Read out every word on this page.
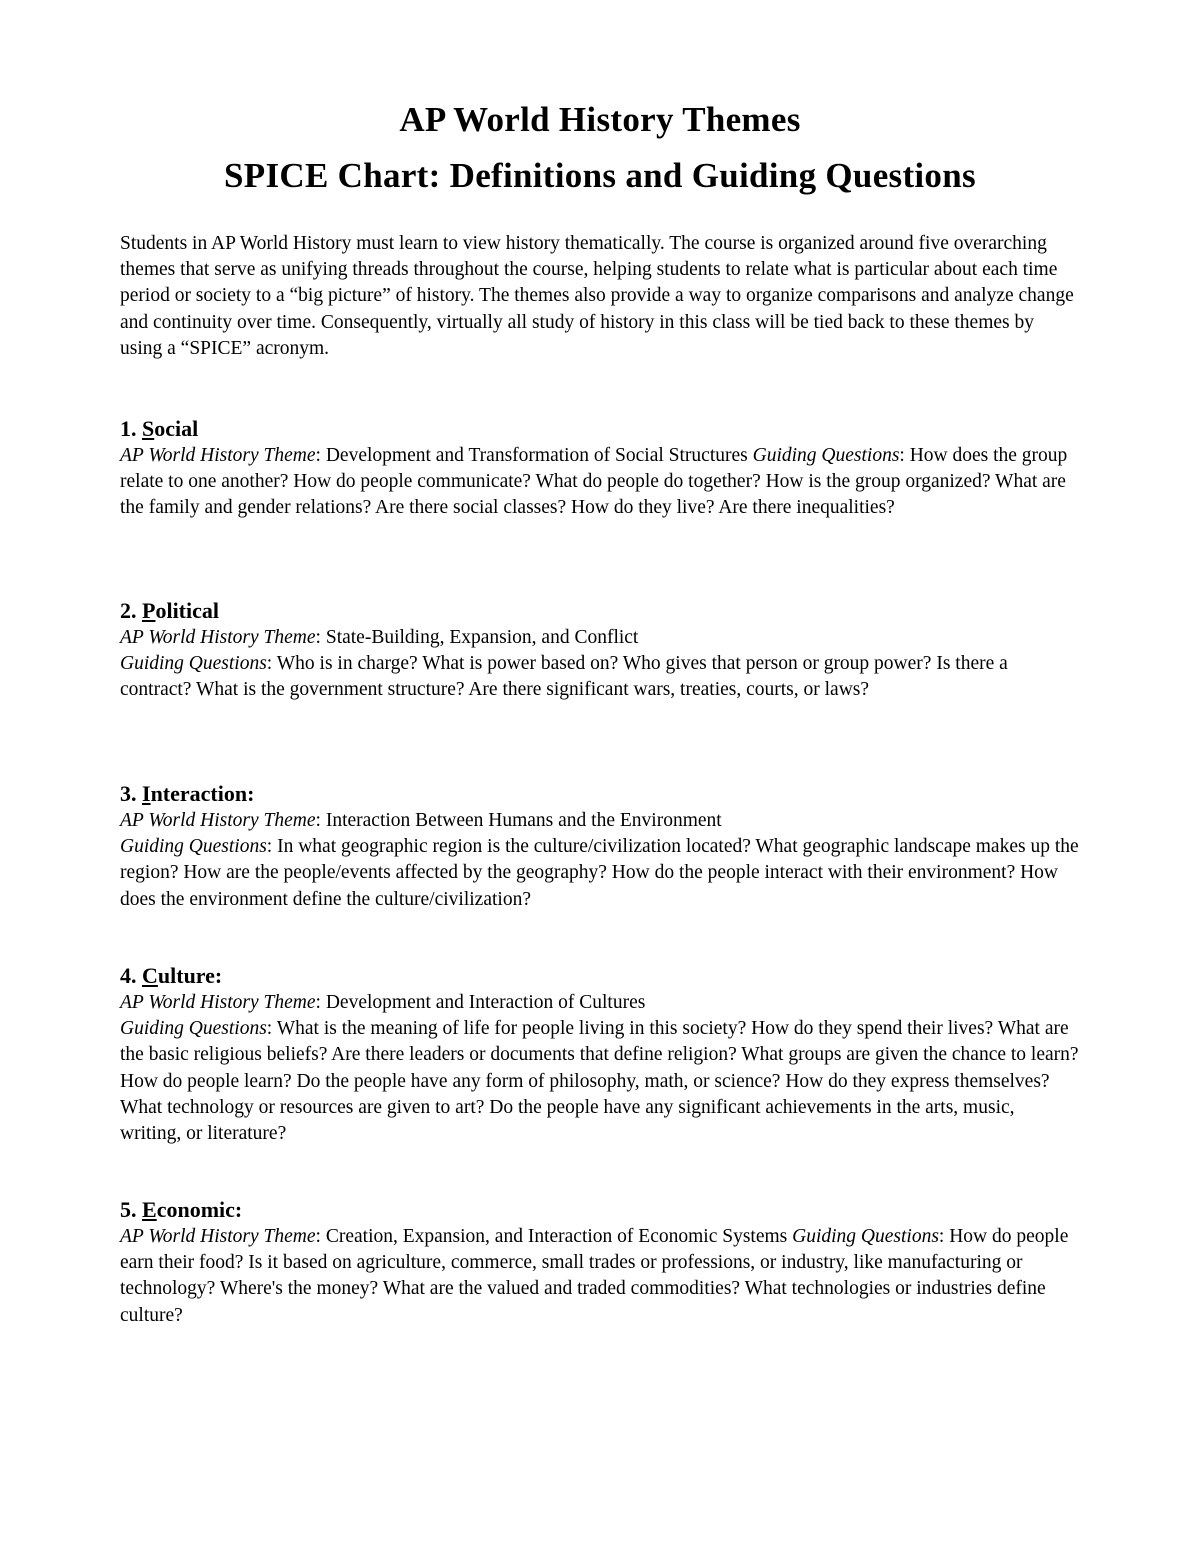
AP World History Themes
SPICE Chart: Definitions and Guiding Questions

Students in AP World History must learn to view history thematically. The course is organized around five overarching themes that serve as unifying threads throughout the course, helping students to relate what is particular about each time period or society to a “big picture” of history. The themes also provide a way to organize comparisons and analyze change and continuity over time. Consequently, virtually all study of history in this class will be tied back to these themes by using a “SPICE” acronym.

1. Social

AP World History Theme: Development and Transformation of Social Structures Guiding Questions: How does the group relate to one another? How do people communicate? What do people do together? How is the group organized? What are the family and gender relations? Are there social classes? How do they live? Are there inequalities?

2. Political

AP World History Theme: State-Building, Expansion, and Conflict

Guiding Questions: Who is in charge? What is power based on? Who gives that person or group power? Is there a contract? What is the government structure? Are there significant wars, treaties, courts, or laws?

3. Interaction:

AP World History Theme: Interaction Between Humans and the Environment

Guiding Questions: In what geographic region is the culture/civilization located? What geographic landscape makes up the region? How are the people/events affected by the geography? How do the people interact with their environment? How does the environment define the culture/civilization?

4. Culture:

AP World History Theme: Development and Interaction of Cultures

Guiding Questions: What is the meaning of life for people living in this society? How do they spend their lives? What are the basic religious beliefs? Are there leaders or documents that define religion? What groups are given the chance to learn? How do people learn? Do the people have any form of philosophy, math, or science? How do they express themselves? What technology or resources are given to art? Do the people have any significant achievements in the arts, music, writing, or literature?

5. Economic:

AP World History Theme: Creation, Expansion, and Interaction of Economic Systems Guiding Questions: How do people earn their food? Is it based on agriculture, commerce, small trades or professions, or industry, like manufacturing or technology? Where's the money? What are the valued and traded commodities? What technologies or industries define culture?
